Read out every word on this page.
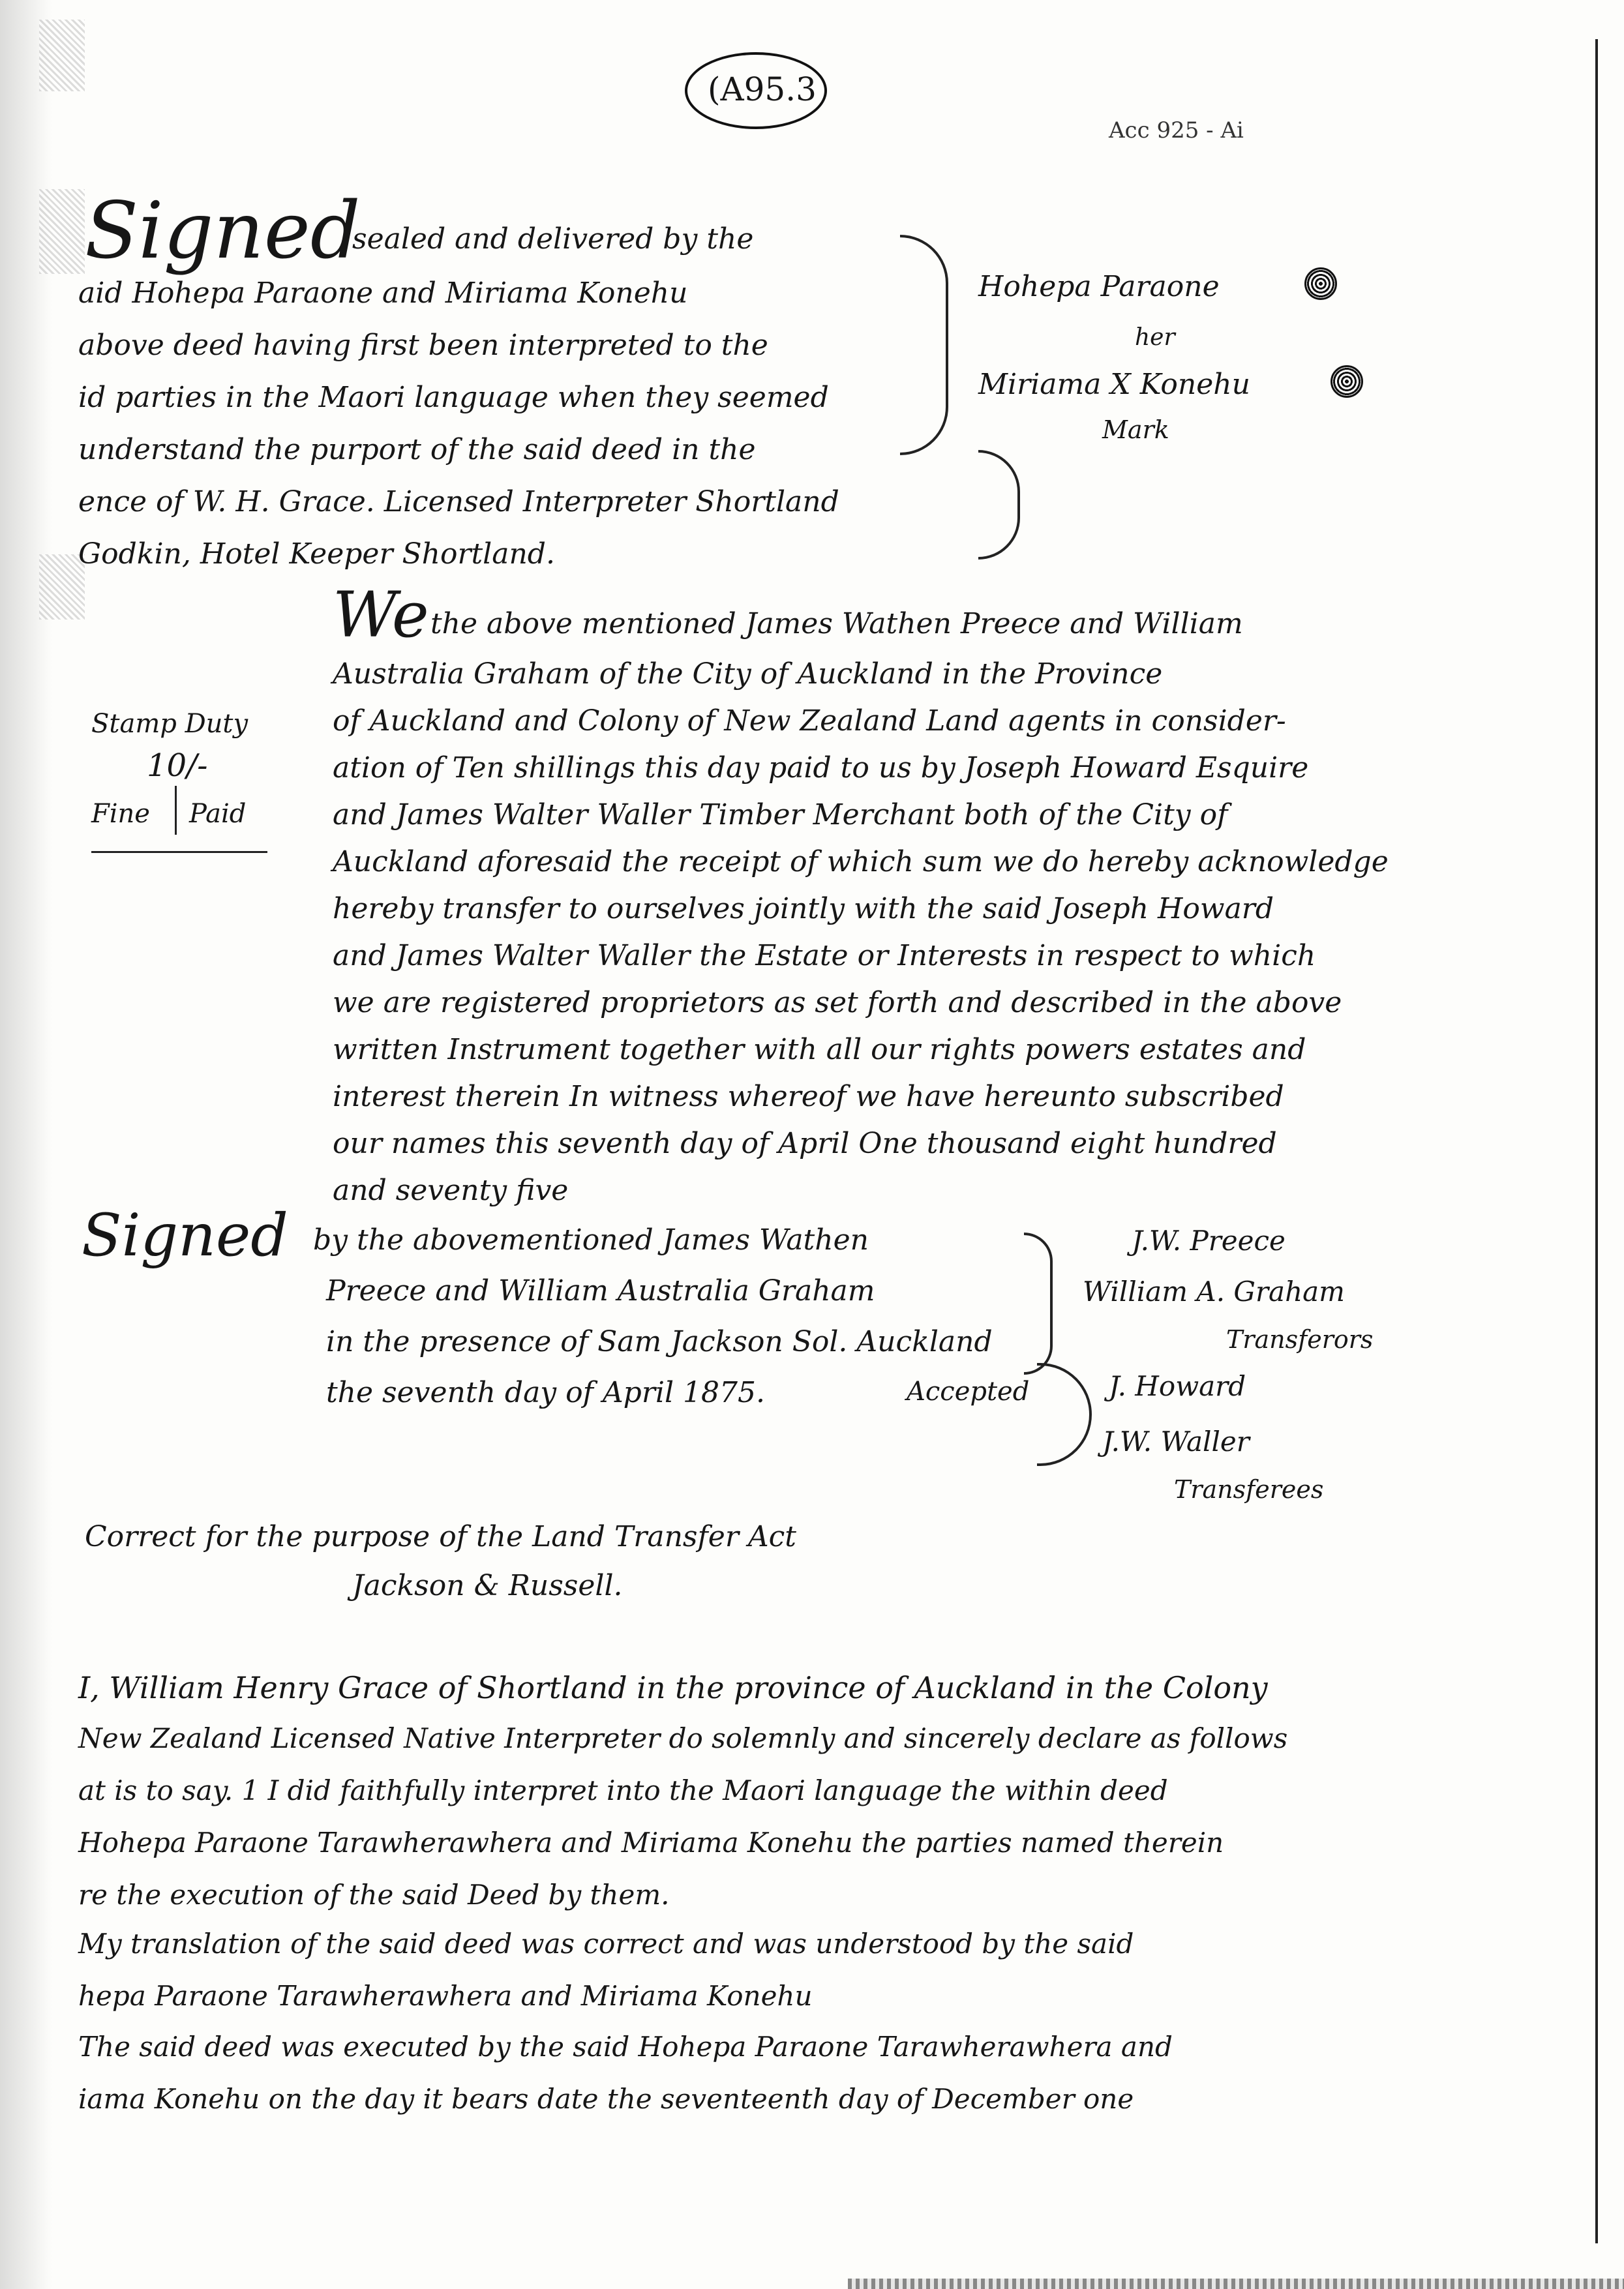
(A95.3
Acc 925 - Ai
Signed
sealed and delivered by the
aid Hohepa Paraone and Miriama Konehu
above deed having first been interpreted to the
id parties in the Maori language when they seemed
understand the purport of the said deed in the
ence of W. H. Grace. Licensed Interpreter Shortland
Godkin, Hotel Keeper Shortland.
Hohepa Paraone
her
Miriama X Konehu
Mark
Stamp Duty
10/-
Fine Paid
We the above mentioned James Wathen Preece and William
Australia Graham of the City of Auckland in the Province
of Auckland and Colony of New Zealand Land agents in consider-
ation of Ten shillings this day paid to us by Joseph Howard Esquire
and James Walter Waller Timber Merchant both of the City of
Auckland aforesaid the receipt of which sum we do hereby acknowledge
hereby transfer to ourselves jointly with the said Joseph Howard
and James Walter Waller the Estate or Interests in respect to which
we are registered proprietors as set forth and described in the above
written Instrument together with all our rights powers estates and
interest therein In witness whereof we have hereunto subscribed
our names this seventh day of April One thousand eight hundred
and seventy five
Signed by the abovementioned James Wathen
Preece and William Australia Graham
in the presence of Sam Jackson Sol. Auckland
the seventh day of April 1875.	Accepted
J.W. Preece
William A. Graham
Transferors
J. Howard
J.W. Waller
Transferees
Correct for the purpose of the Land Transfer Act
Jackson & Russell.
I, William Henry Grace of Shortland in the province of Auckland in the Colony
New Zealand Licensed Native Interpreter do solemnly and sincerely declare as follows
at is to say. 1 I did faithfully interpret into the Maori language the within deed
Hohepa Paraone Tarawherawhera and Miriama Konehu the parties named therein
re the execution of the said Deed by them.
My translation of the said deed was correct and was understood by the said
hepa Paraone Tarawherawhera and Miriama Konehu
The said deed was executed by the said Hohepa Paraone Tarawherawhera and
iama Konehu on the day it bears date the seventeenth day of December one
